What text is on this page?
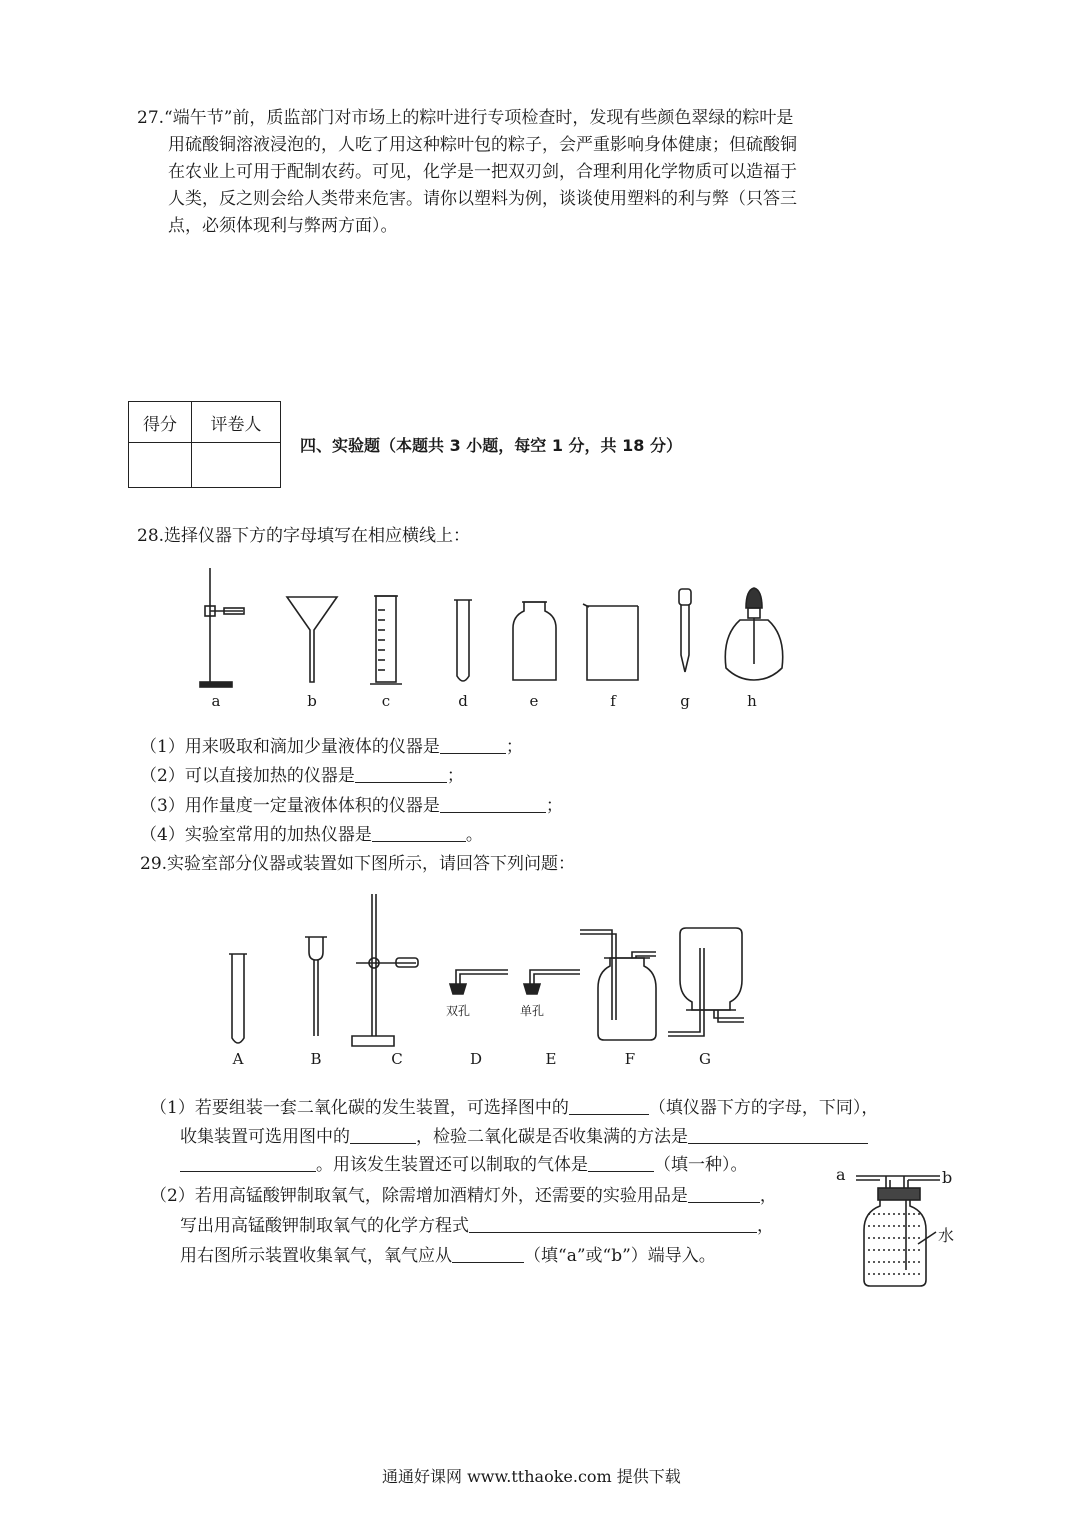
27.“端午节”前，质监部门对市场上的粽叶进行专项检查时，发现有些颜色翠绿的粽叶是
用硫酸铜溶液浸泡的，人吃了用这种粽叶包的粽子，会严重影响身体健康；但硫酸铜
在农业上可用于配制农药。可见，化学是一把双刃剑，合理利用化学物质可以造福于
人类，反之则会给人类带来危害。请你以塑料为例，谈谈使用塑料的利与弊（只答三
点，必须体现利与弊两方面）。
得分	评卷人

四、实验题（本题共 3 小题，每空 1 分，共 18 分）
28.选择仪器下方的字母填写在相应横线上：
a	b	c	d	e	f	g	h
（1）用来吸取和滴加少量液体的仪器是	；
（2）可以直接加热的仪器是	；
（3）用作量度一定量液体体积的仪器是	；
（4）实验室常用的加热仪器是	。
29.实验室部分仪器或装置如下图所示，请回答下列问题：
双孔	单孔
A	B	C	D	E	F	G
（1）若要组装一套二氧化碳的发生装置，可选择图中的	（填仪器下方的字母，下同），
收集装置可选用图中的	，检验二氧化碳是否收集满的方法是
。用该发生装置还可以制取的气体是	（填一种）。
（2）若用高锰酸钾制取氧气，除需增加酒精灯外，还需要的实验用品是	，
写出用高锰酸钾制取氧气的化学方程式	，
用右图所示装置收集氧气，氧气应从	（填“a”或“b”）端导入。
a	b
水
通通好课网 www.tthaoke.com 提供下载
